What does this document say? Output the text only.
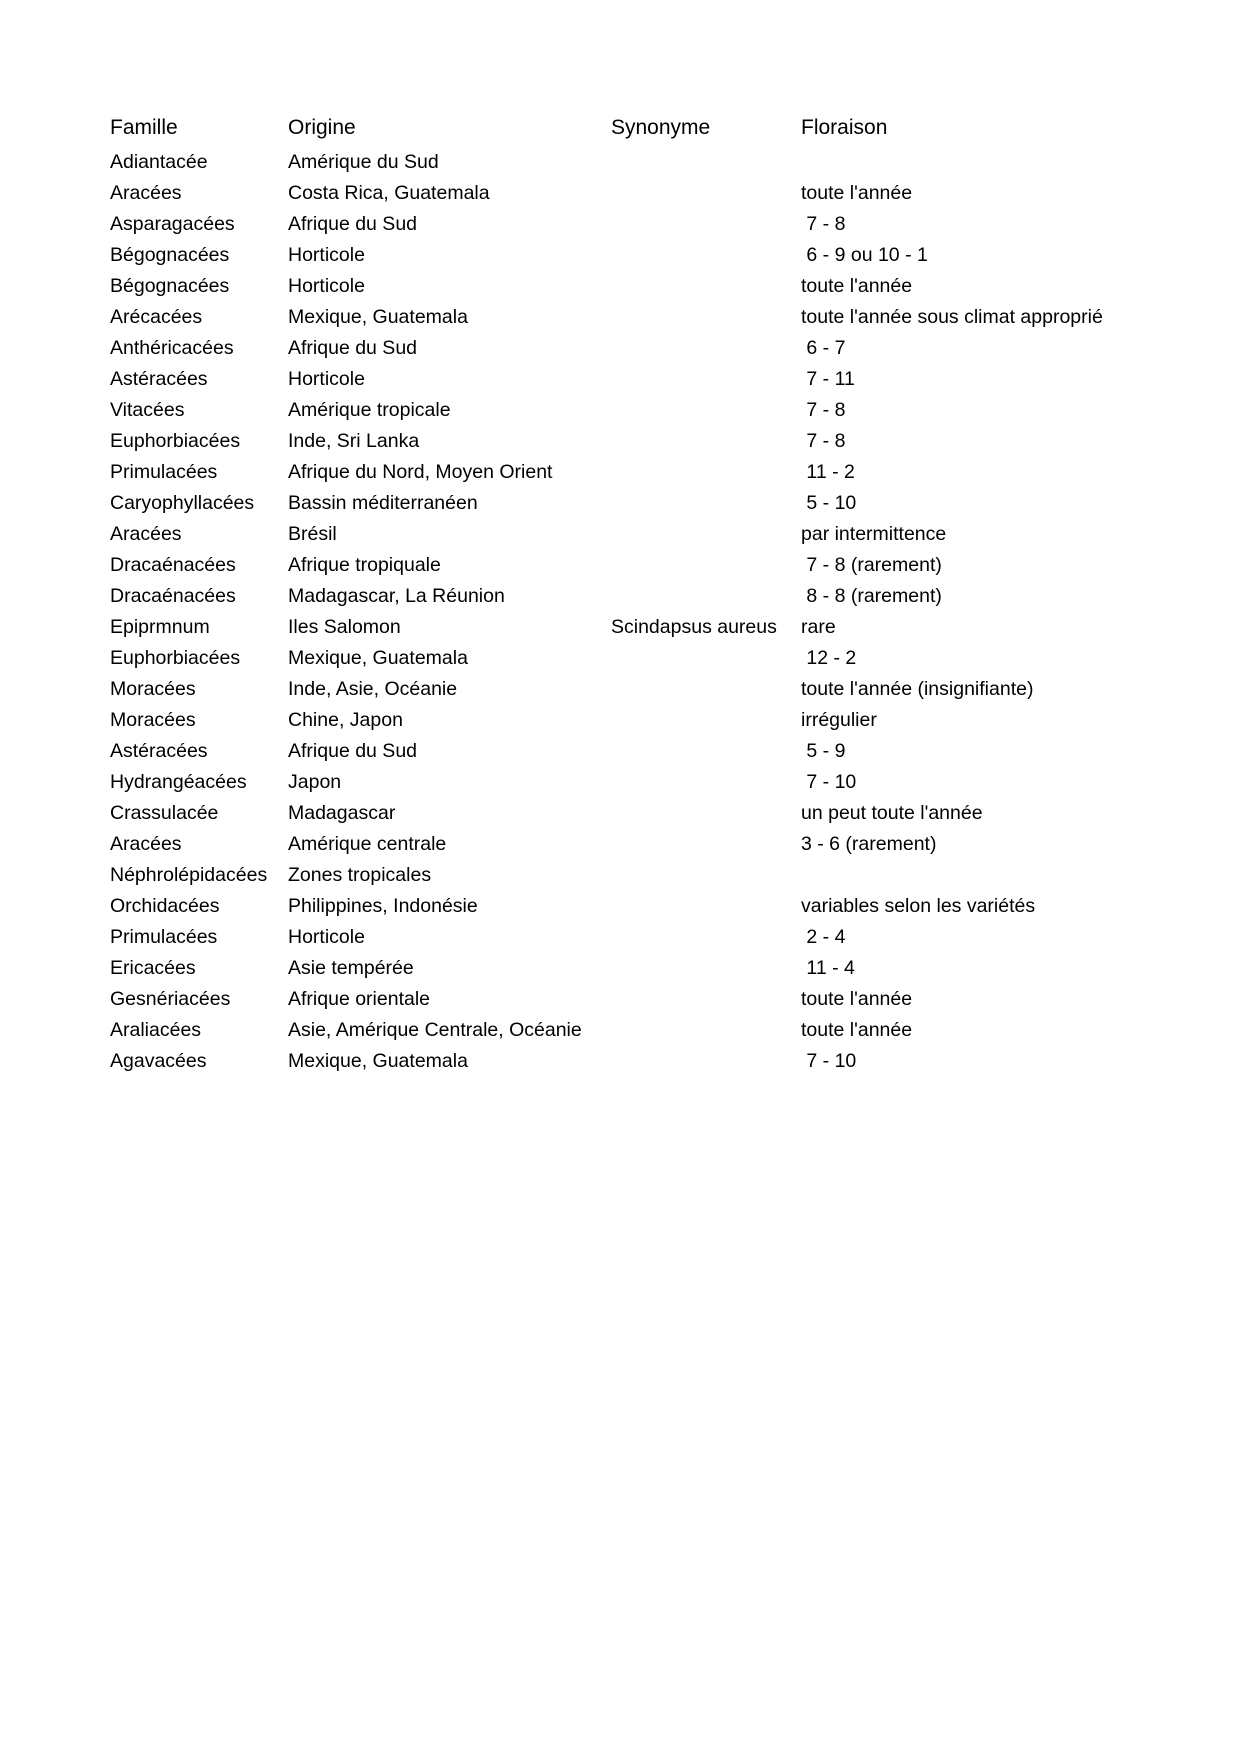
Famille	Origine	Synonyme	Floraison
Adiantacée	Amérique du Sud		
Aracées	Costa Rica, Guatemala		toute l'année
Asparagacées	Afrique du Sud		7 - 8
Bégognacées	Horticole		6 - 9 ou 10 - 1
Bégognacées	Horticole		toute l'année
Arécacées	Mexique, Guatemala		toute l'année sous climat approprié
Anthéricacées	Afrique du Sud		6 - 7
Astéracées	Horticole		7 - 11
Vitacées	Amérique tropicale		7 - 8
Euphorbiacées	Inde, Sri Lanka		7 - 8
Primulacées	Afrique du Nord, Moyen Orient		11 - 2
Caryophyllacées	Bassin méditerranéen		5 - 10
Aracées	Brésil		par intermittence
Dracaénacées	Afrique tropiquale		7 - 8 (rarement)
Dracaénacées	Madagascar, La Réunion		8 - 8 (rarement)
Epiprmnum	Iles Salomon	Scindapsus aureus	rare
Euphorbiacées	Mexique, Guatemala		12 - 2
Moracées	Inde, Asie, Océanie		toute l'année (insignifiante)
Moracées	Chine, Japon		irrégulier
Astéracées	Afrique du Sud		5 - 9
Hydrangéacées	Japon		7 - 10
Crassulacée	Madagascar		un peut toute l'année
Aracées	Amérique centrale		3 - 6 (rarement)
Néphrolépidacées	Zones tropicales		
Orchidacées	Philippines, Indonésie		variables selon les variétés
Primulacées	Horticole		2 - 4
Ericacées	Asie tempérée		11 - 4
Gesnériacées	Afrique orientale		toute l'année
Araliacées	Asie, Amérique Centrale, Océanie		toute l'année
Agavacées	Mexique, Guatemala		7 - 10
